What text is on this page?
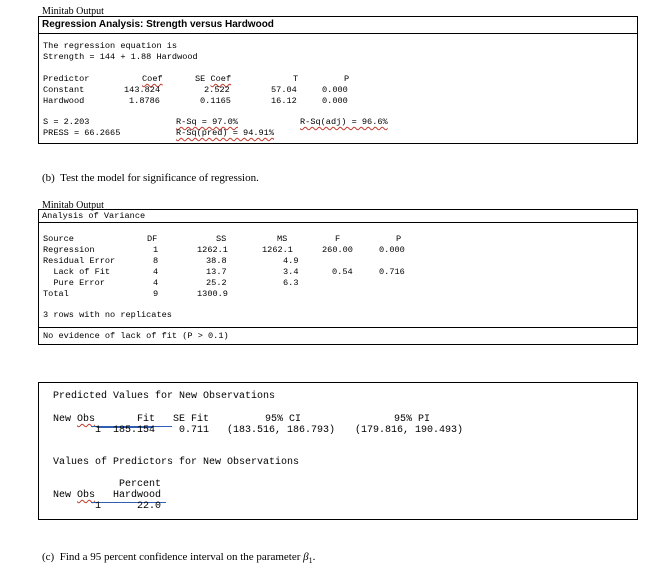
Minitab Output
Regression Analysis: Strength versus Hardwood
The regression equation is
Strength = 144 + 1.88 Hardwood
Predictor	Coef	SE Coef	T	P
Constant	143.824	2.522	57.04	0.000
Hardwood	1.8786	0.1165	16.12	0.000
S = 2.203	R-Sq = 97.0%	R-Sq(adj) = 96.6%
PRESS = 66.2665	R-Sq(pred) = 94.91%
(b)  Test the model for significance of regression.
Minitab Output
Analysis of Variance
Source	DF	SS	MS	F	P
Regression	1	1262.1	1262.1	260.00	0.000
Residual Error	8	38.8	4.9
Lack of Fit	4	13.7	3.4	0.54	0.716
Pure Error	4	25.2	6.3
Total	9	1300.9
3 rows with no replicates
No evidence of lack of fit (P > 0.1)
Predicted Values for New Observations
New Obs	Fit SE Fit	95% CI	95% PI
1 185.154 0.711 (183.516, 186.793) (179.816, 190.493)
Values of Predictors for New Observations
Percent
New Obs Hardwood
1	22.0
(c)  Find a 95 percent confidence interval on the parameter $\beta_1$.
